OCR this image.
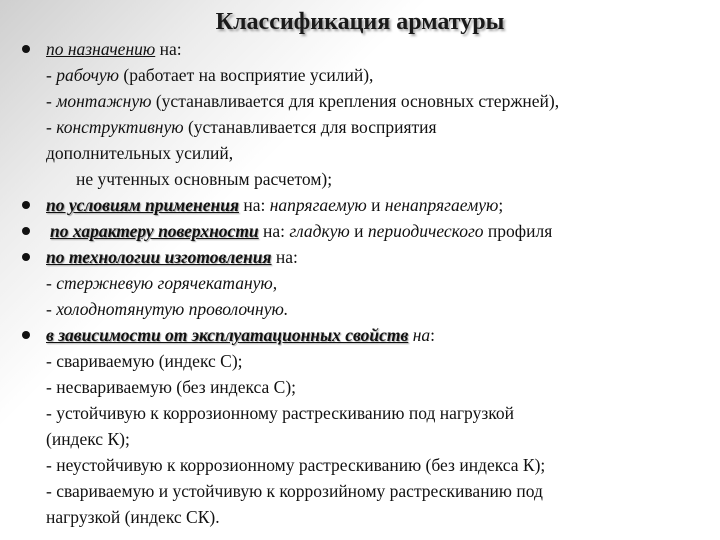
Классификация арматуры
по назначению на:
- рабочую (работает на восприятие усилий),
- монтажную (устанавливается для крепления основных стержней),
- конструктивную (устанавливается для восприятия
дополнительных усилий,
не учтенных основным расчетом);
по условиям применения на: напрягаемую и ненапрягаемую;
по характеру поверхности на: гладкую и периодического профиля
по технологии изготовления на:
- стержневую горячекатаную,
- холоднотянутую проволочную.
в зависимости от эксплуатационных свойств на:
- свариваемую (индекс С);
- несвариваемую (без индекса С);
- устойчивую к коррозионному растрескиванию под нагрузкой
(индекс К);
- неустойчивую к коррозионному растрескиванию (без индекса К);
- свариваемую и устойчивую к коррозийному растрескиванию под
нагрузкой (индекс СК).
